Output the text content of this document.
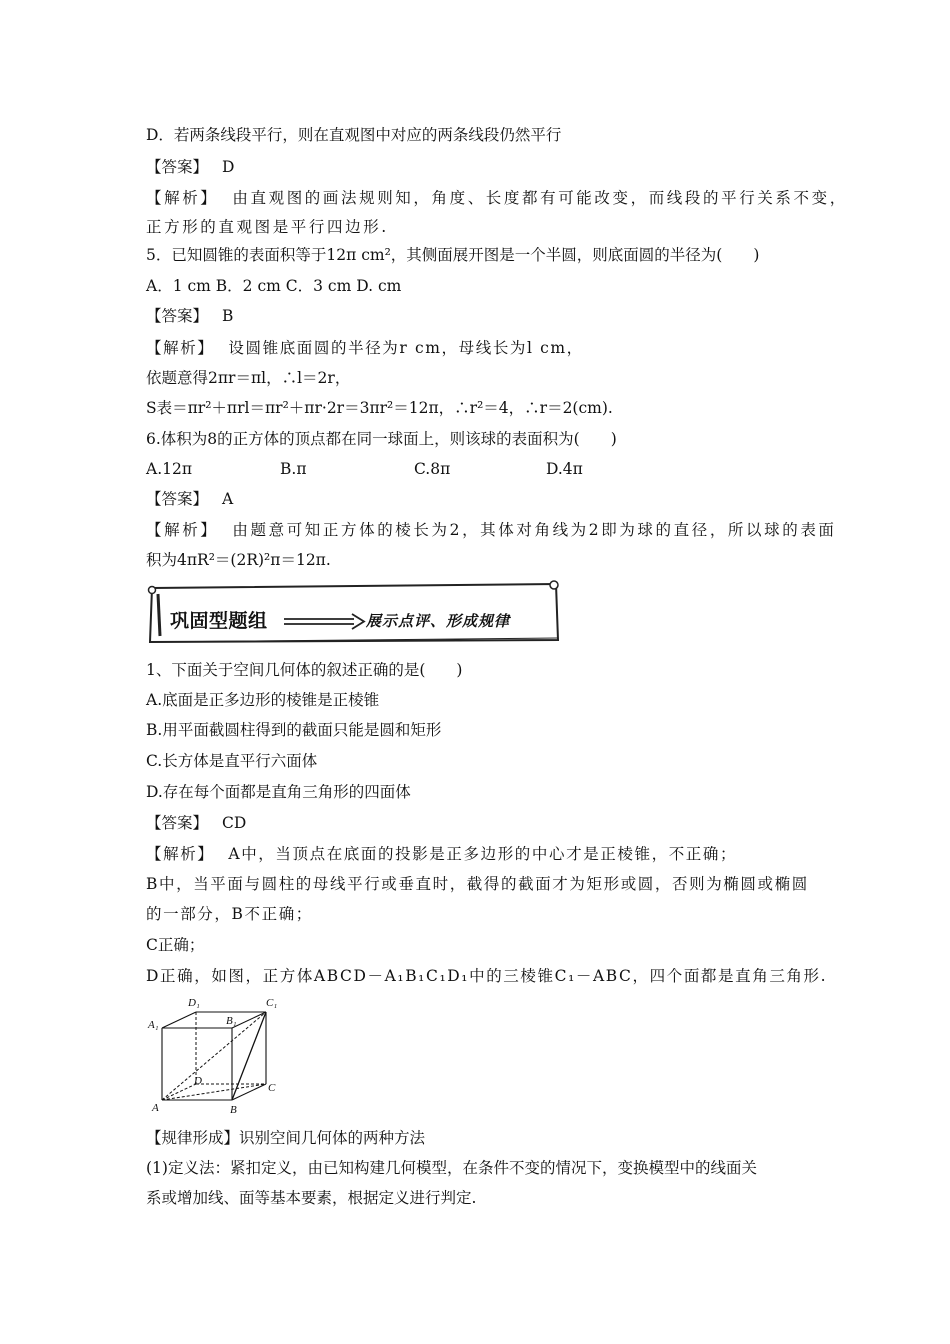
D．若两条线段平行，则在直观图中对应的两条线段仍然平行
【答案】 D
【解析】 由直观图的画法规则知，角度、长度都有可能改变，而线段的平行关系不变，
正方形的直观图是平行四边形.
5．已知圆锥的表面积等于12π cm²，其侧面展开图是一个半圆，则底面圆的半径为(　　)
A．1 cm B．2 cm C．3 cm D. cm
【答案】 B
【解析】 设圆锥底面圆的半径为r cm，母线长为l cm，
依题意得2πr＝πl，∴l＝2r，
S表＝πr²＋πrl＝πr²＋πr·2r＝3πr²＝12π，∴r²＝4，∴r＝2(cm).
6.体积为8的正方体的顶点都在同一球面上，则该球的表面积为(　　)
A.12π	B.π	C.8π	D.4π
【答案】 A
【解析】 由题意可知正方体的棱长为2，其体对角线为2即为球的直径，所以球的表面
积为4πR²＝(2R)²π＝12π.
巩固型题组	展示点评、形成规律
1、下面关于空间几何体的叙述正确的是(　　)
A.底面是正多边形的棱锥是正棱锥
B.用平面截圆柱得到的截面只能是圆和矩形
C.长方体是直平行六面体
D.存在每个面都是直角三角形的四面体
【答案】 CD
【解析】 A中，当顶点在底面的投影是正多边形的中心才是正棱锥，不正确；
B中，当平面与圆柱的母线平行或垂直时，截得的截面才为矩形或圆，否则为椭圆或椭圆
的一部分，B不正确；
C正确；
D正确，如图，正方体ABCD－A₁B₁C₁D₁中的三棱锥C₁－ABC，四个面都是直角三角形.
D₁	C₁
A₁	B₁
D
C
A	B
【规律形成】识别空间几何体的两种方法
(1)定义法：紧扣定义，由已知构建几何模型，在条件不变的情况下，变换模型中的线面关
系或增加线、面等基本要素，根据定义进行判定.
